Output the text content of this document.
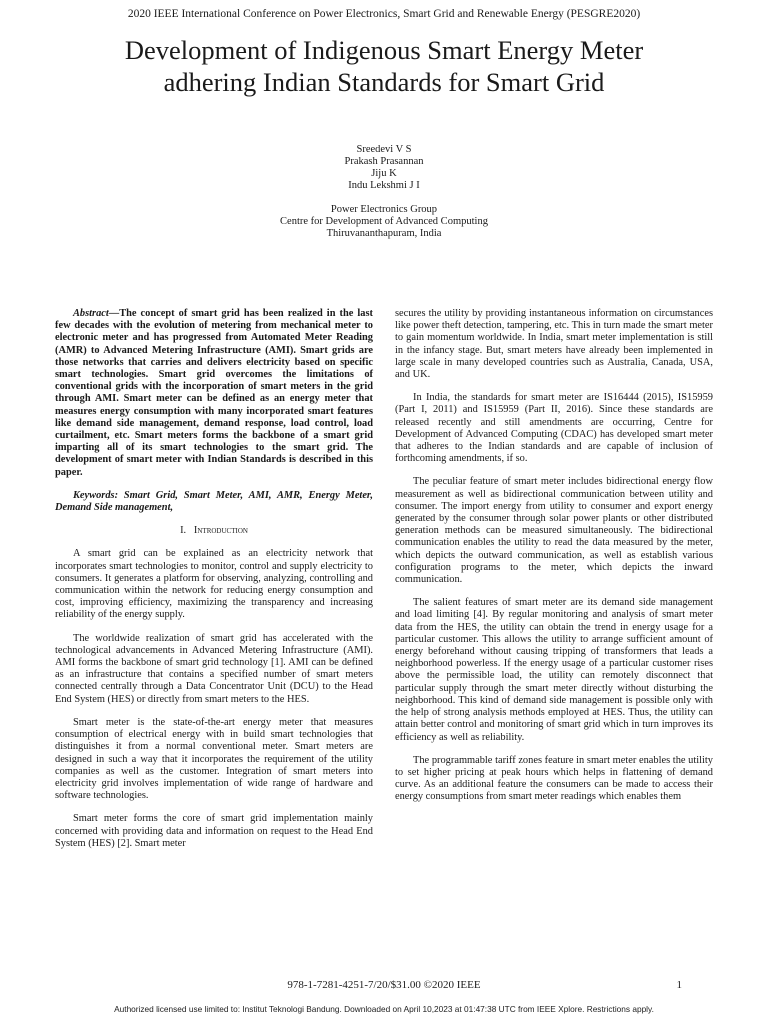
2020 IEEE International Conference on Power Electronics, Smart Grid and Renewable Energy (PESGRE2020)
Development of Indigenous Smart Energy Meter
adhering Indian Standards for Smart Grid
Sreedevi V S
Prakash Prasannan
Jiju K
Indu Lekshmi J I
Power Electronics Group
Centre for Development of Advanced Computing
Thiruvananthapuram, India

Abstract—The concept of smart grid has been realized in the last few decades with the evolution of metering from mechanical meter to electronic meter and has progressed from Automated Meter Reading (AMR) to Advanced Metering Infrastructure (AMI). Smart grids are those networks that carries and delivers electricity based on specific smart technologies. Smart grid overcomes the limitations of conventional grids with the incorporation of smart meters in the grid through AMI. Smart meter can be defined as an energy meter that measures energy consumption with many incorporated smart features like demand side management, demand response, load control, load curtailment, etc. Smart meters forms the backbone of a smart grid imparting all of its smart technologies to the smart grid. The development of smart meter with Indian Standards is described in this paper.

Keywords: Smart Grid, Smart Meter, AMI, AMR, Energy Meter, Demand Side management,

I. Introduction

A smart grid can be explained as an electricity network that incorporates smart technologies to monitor, control and supply electricity to consumers. It generates a platform for observing, analyzing, controlling and communication within the network for reducing energy consumption and cost, improving efficiency, maximizing the transparency and increasing reliability of the energy supply.

The worldwide realization of smart grid has accelerated with the technological advancements in Advanced Metering Infrastructure (AMI). AMI forms the backbone of smart grid technology [1]. AMI can be defined as an infrastructure that contains a specified number of smart meters connected centrally through a Data Concentrator Unit (DCU) to the Head End System (HES) or directly from smart meters to the HES.

Smart meter is the state-of-the-art energy meter that measures consumption of electrical energy with in build smart technologies that distinguishes it from a normal conventional meter. Smart meters are designed in such a way that it incorporates the requirement of the utility companies as well as the customer. Integration of smart meters into electricity grid involves implementation of wide range of hardware and software technologies.

Smart meter forms the core of smart grid implementation mainly concerned with providing data and information on request to the Head End System (HES) [2]. Smart meter

secures the utility by providing instantaneous information on circumstances like power theft detection, tampering, etc. This in turn made the smart meter to gain momentum worldwide. In India, smart meter implementation is still in the infancy stage. But, smart meters have already been implemented in large scale in many developed countries such as Australia, Canada, USA, and UK.

In India, the standards for smart meter are IS16444 (2015), IS15959 (Part I, 2011) and IS15959 (Part II, 2016). Since these standards are released recently and still amendments are occurring, Centre for Development of Advanced Computing (CDAC) has developed smart meter that adheres to the Indian standards and are capable of inclusion of forthcoming amendments, if so.

The peculiar feature of smart meter includes bidirectional energy flow measurement as well as bidirectional communication between utility and consumer. The import energy from utility to consumer and export energy generated by the consumer through solar power plants or other distributed generation methods can be measured simultaneously. The bidirectional communication enables the utility to read the data measured by the meter, which depicts the outward communication, as well as establish various configuration programs to the meter, which depicts the inward communication.

The salient features of smart meter are its demand side management and load limiting [4]. By regular monitoring and analysis of smart meter data from the HES, the utility can obtain the trend in energy usage for a particular customer. This allows the utility to arrange sufficient amount of energy beforehand without causing tripping of transformers that leads a neighborhood powerless. If the energy usage of a particular customer rises above the permissible load, the utility can remotely disconnect that particular supply through the smart meter directly without disturbing the neighborhood. This kind of demand side management is possible only with the help of strong analysis methods employed at HES. Thus, the utility can attain better control and monitoring of smart grid which in turn improves its efficiency as well as reliability.

The programmable tariff zones feature in smart meter enables the utility to set higher pricing at peak hours which helps in flattening of demand curve. As an additional feature the consumers can be made to access their energy consumptions from smart meter readings which enables them

978-1-7281-4251-7/20/$31.00 ©2020 IEEE	1
Authorized licensed use limited to: Institut Teknologi Bandung. Downloaded on April 10,2023 at 01:47:38 UTC from IEEE Xplore. Restrictions apply.
